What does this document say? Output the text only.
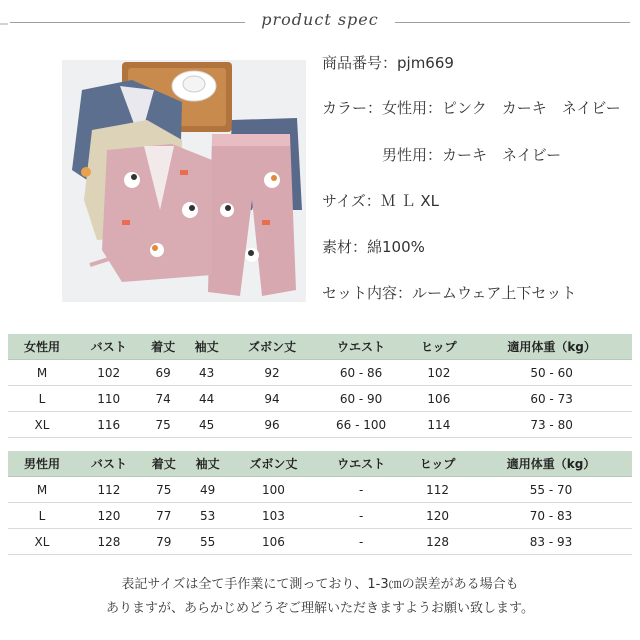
product spec
商品番号：pjm669
カラー：女性用：ピンク　カーキ　ネイビー
男性用：カーキ　ネイビー
サイズ：Ｍ Ｌ XL
素材：綿100%
セット内容：ルームウェア上下セット
女性用	バスト	着丈	袖丈	ズボン丈	ウエスト	ヒップ	適用体重（kg）
M	102	69	43	92	60 - 86	102	50 - 60
L	110	74	44	94	60 - 90	106	60 - 73
XL	116	75	45	96	66 - 100	114	73 - 80
男性用	バスト	着丈	袖丈	ズボン丈	ウエスト	ヒップ	適用体重（kg）
M	112	75	49	100	-	112	55 - 70
L	120	77	53	103	-	120	70 - 83
XL	128	79	55	106	-	128	83 - 93
表記サイズは全て手作業にて測っており、1-3㎝の誤差がある場合も
ありますが、あらかじめどうぞご理解いただきますようお願い致します。
